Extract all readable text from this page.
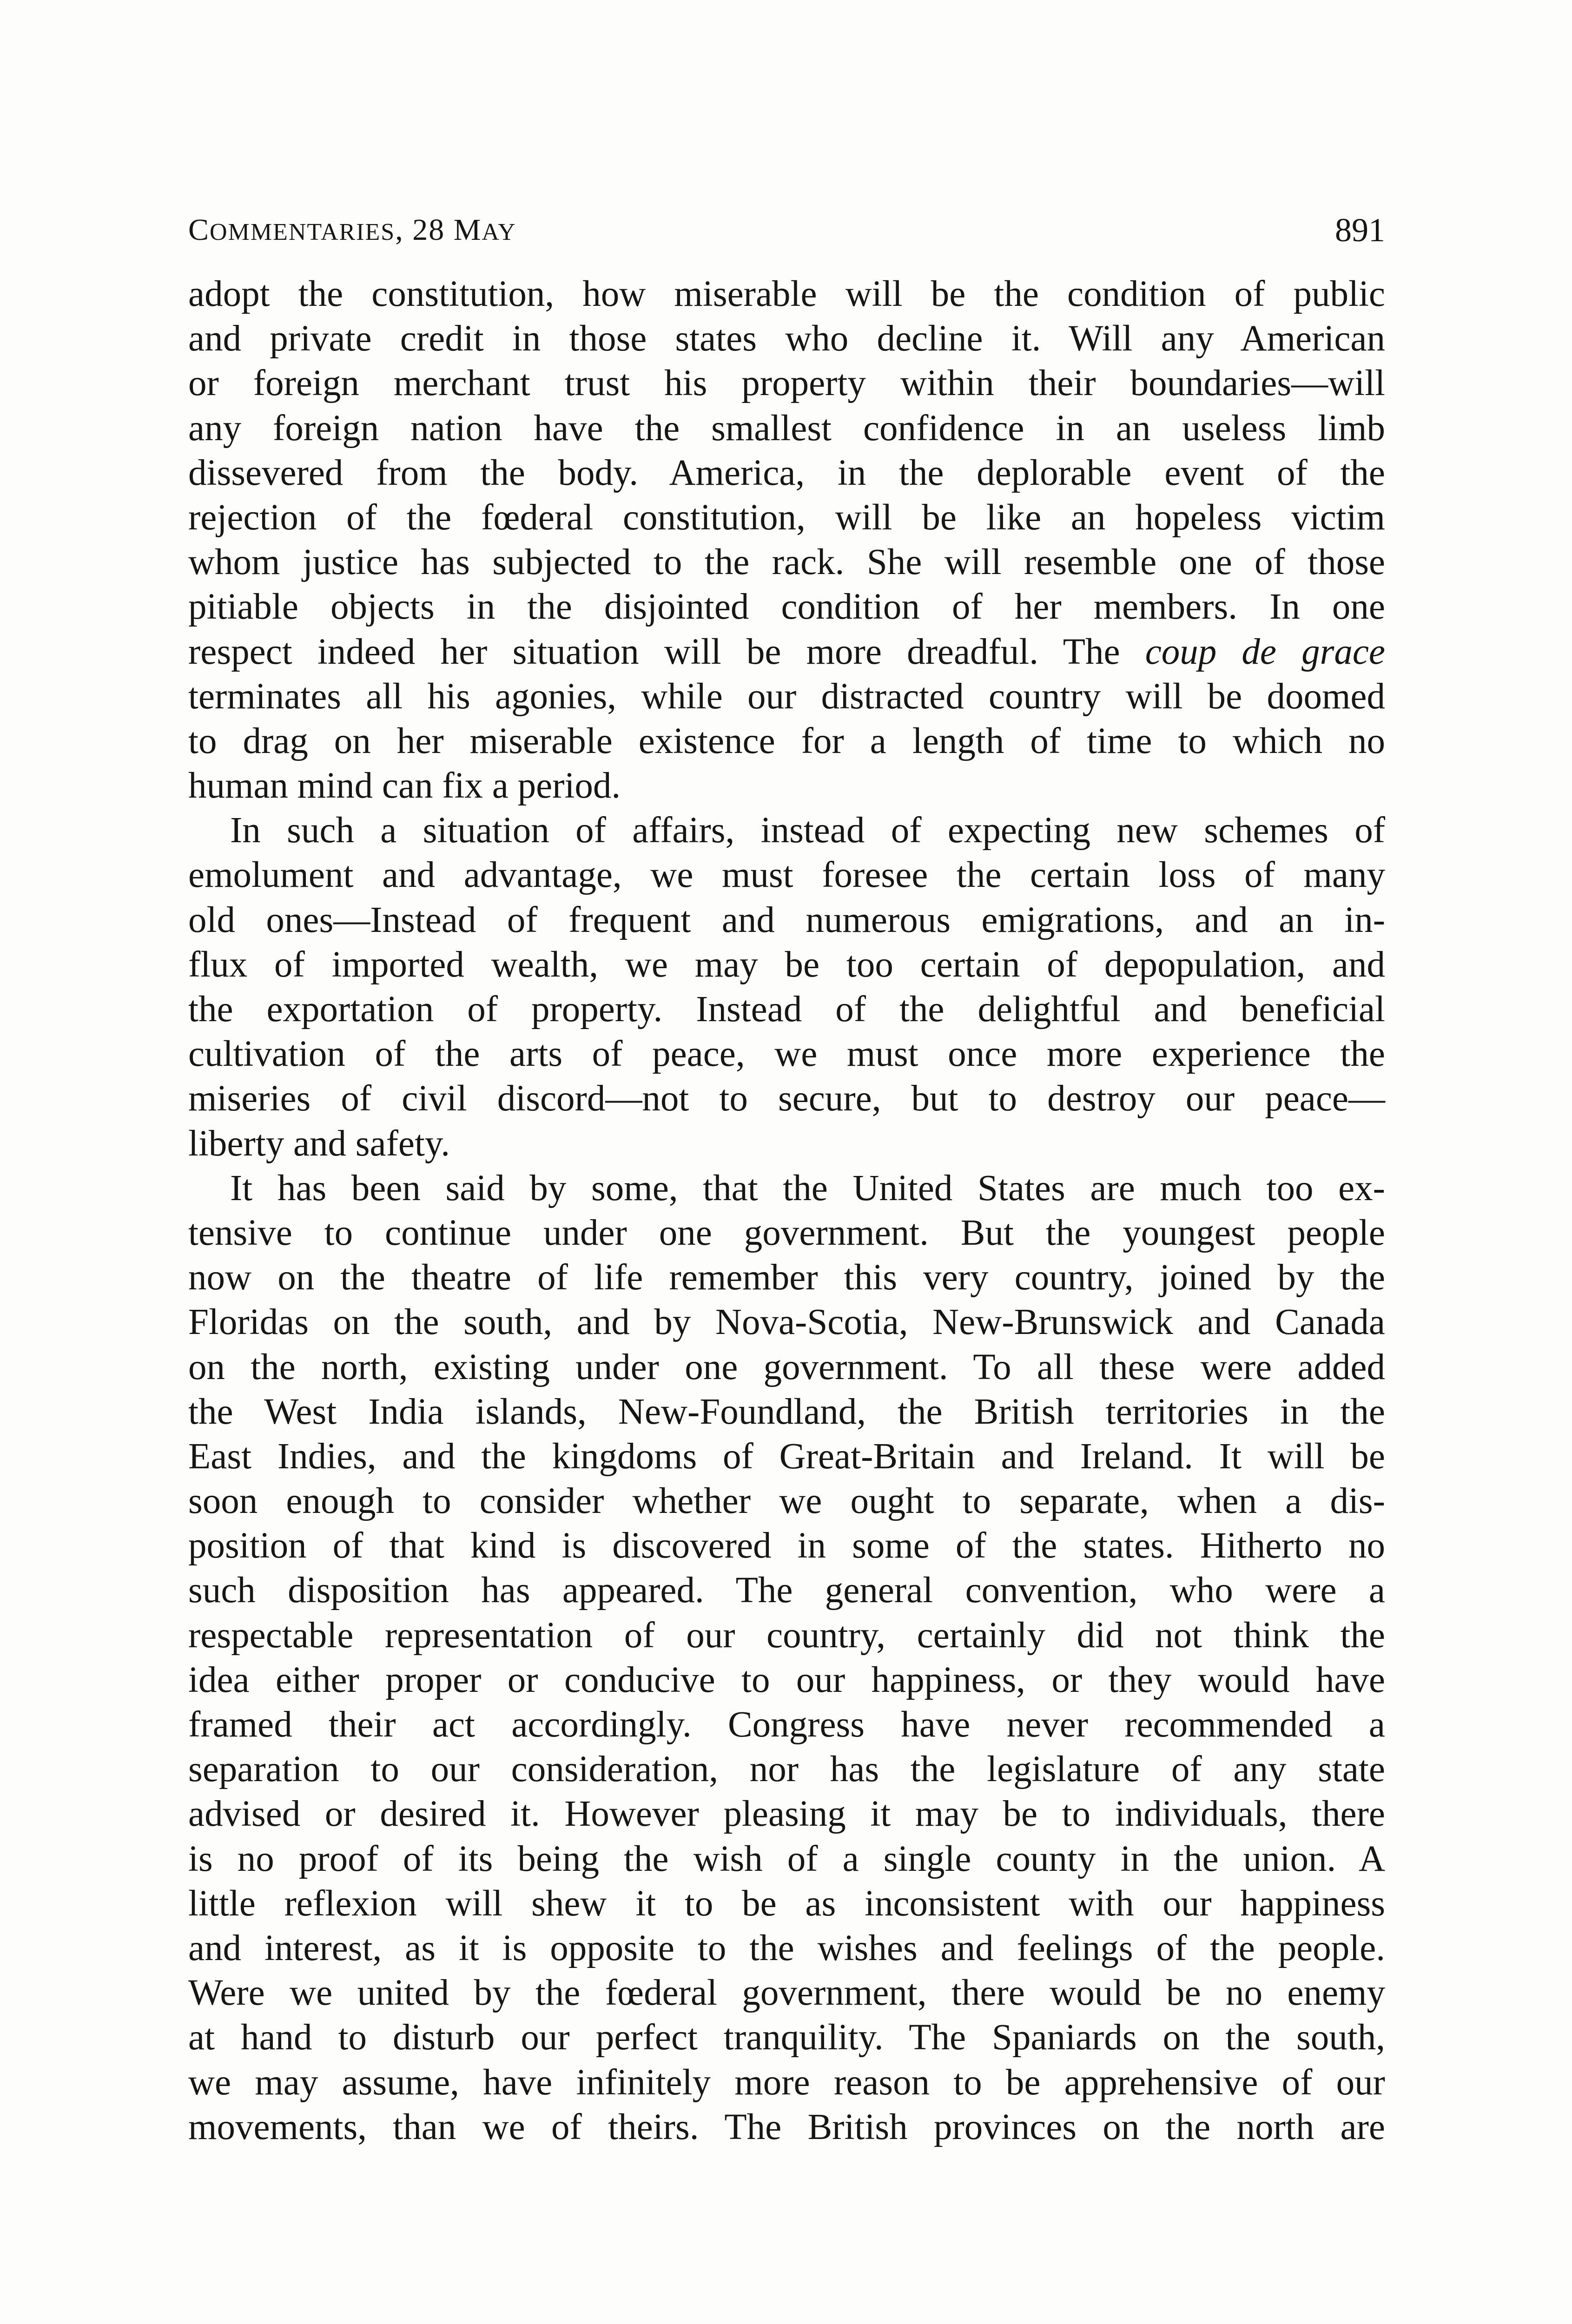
COMMENTARIES, 28 MAY	891
adopt the constitution, how miserable will be the condition of public
and private credit in those states who decline it. Will any American
or foreign merchant trust his property within their boundaries—will
any foreign nation have the smallest confidence in an useless limb
dissevered from the body. America, in the deplorable event of the
rejection of the fœderal constitution, will be like an hopeless victim
whom justice has subjected to the rack. She will resemble one of those
pitiable objects in the disjointed condition of her members. In one
respect indeed her situation will be more dreadful. The coup de grace
terminates all his agonies, while our distracted country will be doomed
to drag on her miserable existence for a length of time to which no
human mind can fix a period.
In such a situation of affairs, instead of expecting new schemes of
emolument and advantage, we must foresee the certain loss of many
old ones—Instead of frequent and numerous emigrations, and an in-
flux of imported wealth, we may be too certain of depopulation, and
the exportation of property. Instead of the delightful and beneficial
cultivation of the arts of peace, we must once more experience the
miseries of civil discord—not to secure, but to destroy our peace—
liberty and safety.
It has been said by some, that the United States are much too ex-
tensive to continue under one government. But the youngest people
now on the theatre of life remember this very country, joined by the
Floridas on the south, and by Nova-Scotia, New-Brunswick and Canada
on the north, existing under one government. To all these were added
the West India islands, New-Foundland, the British territories in the
East Indies, and the kingdoms of Great-Britain and Ireland. It will be
soon enough to consider whether we ought to separate, when a dis-
position of that kind is discovered in some of the states. Hitherto no
such disposition has appeared. The general convention, who were a
respectable representation of our country, certainly did not think the
idea either proper or conducive to our happiness, or they would have
framed their act accordingly. Congress have never recommended a
separation to our consideration, nor has the legislature of any state
advised or desired it. However pleasing it may be to individuals, there
is no proof of its being the wish of a single county in the union. A
little reflexion will shew it to be as inconsistent with our happiness
and interest, as it is opposite to the wishes and feelings of the people.
Were we united by the fœderal government, there would be no enemy
at hand to disturb our perfect tranquility. The Spaniards on the south,
we may assume, have infinitely more reason to be apprehensive of our
movements, than we of theirs. The British provinces on the north are
